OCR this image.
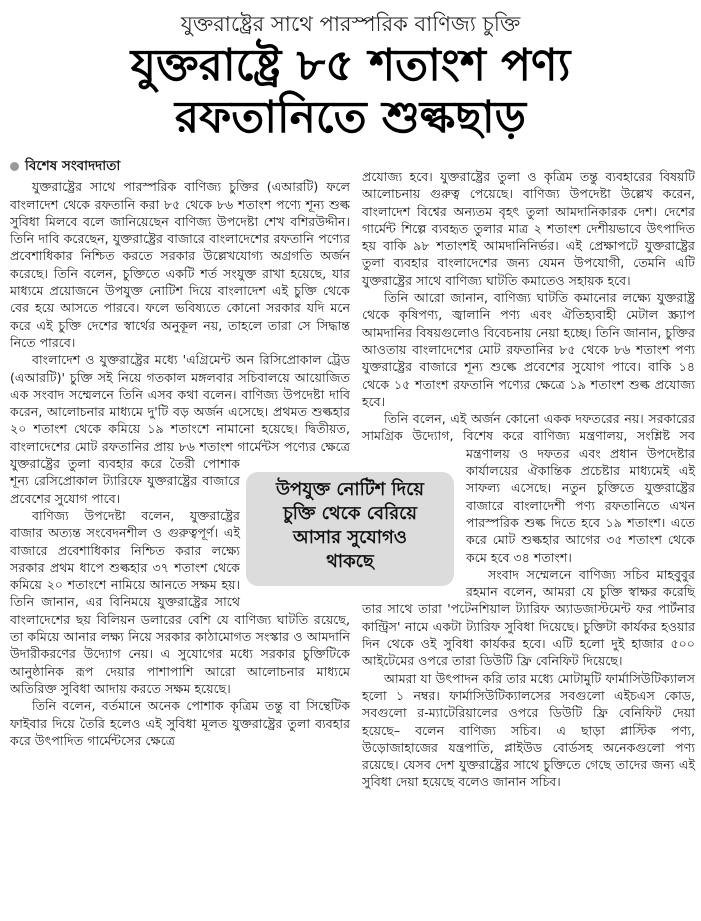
যুক্তরাষ্ট্রের সাথে পারস্পরিক বাণিজ্য চুক্তি
যুক্তরাষ্ট্রে ৮৫ শতাংশ পণ্য
রফতানিতে শুল্কছাড়
বিশেষ সংবাদদাতা

যুক্তরাষ্ট্রের সাথে পারস্পরিক বাণিজ্য চুক্তির (এআরটি) ফলে বাংলাদেশ থেকে রফতানি করা ৮৫ থেকে ৮৬ শতাংশ পণ্যে শূন্য শুল্ক সুবিধা মিলবে বলে জানিয়েছেন বাণিজ্য উপদেষ্টা শেখ বশিরউদ্দীন। তিনি দাবি করেছেন, যুক্তরাষ্ট্রের বাজারে বাংলাদেশের রফতানি পণ্যের প্রবেশাধিকার নিশ্চিত করতে সরকার উল্লেখযোগ্য অগ্রগতি অর্জন করেছে। তিনি বলেন, চুক্তিতে একটি শর্ত সংযুক্ত রাখা হয়েছে, যার মাধ্যমে প্রয়োজনে উপযুক্ত নোটিশ দিয়ে বাংলাদেশ এই চুক্তি থেকে বের হয়ে আসতে পারবে। ফলে ভবিষ্যতে কোনো সরকার যদি মনে করে এই চুক্তি দেশের স্বার্থের অনুকূল নয়, তাহলে তারা সে সিদ্ধান্ত নিতে পারবে।

বাংলাদেশ ও যুক্তরাষ্ট্রের মধ্যে 'এগ্রিমেন্ট অন রিসিপ্রোকাল ট্রেড (এআরটি)' চুক্তি সই নিয়ে গতকাল মঙ্গলবার সচিবালয়ে আয়োজিত এক সংবাদ সম্মেলনে তিনি এসব কথা বলেন। বাণিজ্য উপদেষ্টা দাবি করেন, আলোচনার মাধ্যমে দু'টি বড় অর্জন এসেছে। প্রথমত শুল্কহার ২০ শতাংশ থেকে কমিয়ে ১৯ শতাংশে নামানো হয়েছে। দ্বিতীয়ত, বাংলাদেশের মোট রফতানির প্রায় ৮৬ শতাংশ গার্মেন্টস পণ্যের ক্ষেত্রে যুক্তরাষ্ট্রের তুলা ব্যবহার করে তৈরী পোশাক শূন্য রেসিপ্রোকাল ট্যারিফে যুক্তরাষ্ট্রের বাজারে প্রবেশের সুযোগ পাবে।

বাণিজ্য উপদেষ্টা বলেন, যুক্তরাষ্ট্রের বাজার অত্যন্ত সংবেদনশীল ও গুরুত্বপূর্ণ। এই বাজারে প্রবেশাধিকার নিশ্চিত করার লক্ষ্যে সরকার প্রথম ধাপে শুল্কহার ৩৭ শতাংশ থেকে কমিয়ে ২০ শতাংশে নামিয়ে আনতে সক্ষম হয়। তিনি জানান, এর বিনিময়ে যুক্তরাষ্ট্রের সাথে বাংলাদেশের ছয় বিলিয়ন ডলারের বেশি যে বাণিজ্য ঘাটতি রয়েছে, তা কমিয়ে আনার লক্ষ্য নিয়ে সরকার কাঠামোগত সংস্কার ও আমদানি উদারীকরণের উদ্যোগ নেয়। এ সুযোগের মধ্যে সরকার চুক্তিটিকে আনুষ্ঠানিক রূপ দেয়ার পাশাপাশি আরো আলোচনার মাধ্যমে অতিরিক্ত সুবিধা আদায় করতে সক্ষম হয়েছে।

তিনি বলেন, বর্তমানে অনেক পোশাক কৃত্রিম তন্তু বা সিন্থেটিক ফাইবার দিয়ে তৈরি হলেও এই সুবিধা মূলত যুক্তরাষ্ট্রের তুলা ব্যবহার করে উৎপাদিত গার্মেন্টসের ক্ষেত্রে

প্রযোজ্য হবে। যুক্তরাষ্ট্রের তুলা ও কৃত্রিম তন্তু ব্যবহারের বিষয়টি আলোচনায় গুরুত্ব পেয়েছে। বাণিজ্য উপদেষ্টা উল্লেখ করেন, বাংলাদেশ বিশ্বের অন্যতম বৃহৎ তুলা আমদানিকারক দেশ। দেশের গার্মেন্ট শিল্পে ব্যবহৃত তুলার মাত্র ২ শতাংশ দেশীয়ভাবে উৎপাদিত হয় বাকি ৯৮ শতাংশই আমদানিনির্ভর। এই প্রেক্ষাপটে যুক্তরাষ্ট্রের তুলা ব্যবহার বাংলাদেশের জন্য যেমন উপযোগী, তেমনি এটি যুক্তরাষ্ট্রের সাথে বাণিজ্য ঘাটতি কমাতেও সহায়ক হবে।

তিনি আরো জানান, বাণিজ্য ঘাটতি কমানোর লক্ষ্যে যুক্তরাষ্ট্র থেকে কৃষিপণ্য, জ্বালানি পণ্য এবং ঐতিহ্যবাহী মেটাল স্ক্র্যাপ আমদানির বিষয়গুলোও বিবেচনায় নেয়া হচ্ছে। তিনি জানান, চুক্তির আওতায় বাংলাদেশের মোট রফতানির ৮৫ থেকে ৮৬ শতাংশ পণ্য যুক্তরাষ্ট্রের বাজারে শূন্য শুল্কে প্রবেশের সুযোগ পাবে। বাকি ১৪ থেকে ১৫ শতাংশ রফতানি পণ্যের ক্ষেত্রে ১৯ শতাংশ শুল্ক প্রযোজ্য হবে।

তিনি বলেন, এই অর্জন কোনো একক দফতরের নয়। সরকারের সামগ্রিক উদ্যোগ, বিশেষ করে বাণিজ্য মন্ত্রণালয়, সংশ্লিষ্ট সব মন্ত্রণালয় ও দফতর এবং প্রধান উপদেষ্টার কার্যালয়ের ঐকান্তিক প্রচেষ্টার মাধ্যমেই এই সাফল্য এসেছে। নতুন চুক্তিতে যুক্তরাষ্ট্রের বাজারে বাংলাদেশী পণ্য রফতানিতে এখন পারস্পরিক শুল্ক দিতে হবে ১৯ শতাংশ। এতে করে মোট শুল্কহার আগের ৩৫ শতাংশ থেকে কমে হবে ৩৪ শতাংশ।

সংবাদ সম্মেলনে বাণিজ্য সচিব মাহবুবুর রহমান বলেন, আমরা যে চুক্তি স্বাক্ষর করেছি তার সাথে তারা 'পটেনশিয়াল ট্যারিফ অ্যাডজাস্টমেন্ট ফর পার্টনার কান্ট্রিস' নামে একটা ট্যারিফ সুবিধা দিয়েছে। চুক্তিটা কার্যকর হওয়ার দিন থেকে ওই সুবিধা কার্যকর হবে। এটি হলো দুই হাজার ৫০০ আইটেমের ওপরে তারা ডিউটি ফ্রি বেনিফিট দিয়েছে।

আমরা যা উৎপাদন করি তার মধ্যে মোটামুটি ফার্মাসিউটিক্যালস হলো ১ নম্বর। ফার্মাসিউটিক্যালসের সবগুলো এইচএস কোড, সবগুলো র-ম্যাটেরিয়ালের ওপরে ডিউটি ফ্রি বেনিফিট দেয়া হয়েছে– বলেন বাণিজ্য সচিব। এ ছাড়া প্লাস্টিক পণ্য, উড়োজাহাজের যন্ত্রপাতি, প্লাইউড বোর্ডসহ অনেকগুলো পণ্য রয়েছে। যেসব দেশ যুক্তরাষ্ট্রের সাথে চুক্তিতে গেছে তাদের জন্য এই সুবিধা দেয়া হয়েছে বলেও জানান সচিব।

উপযুক্ত নোটিশ দিয়ে
চুক্তি থেকে বেরিয়ে
আসার সুযোগও
থাকছে
